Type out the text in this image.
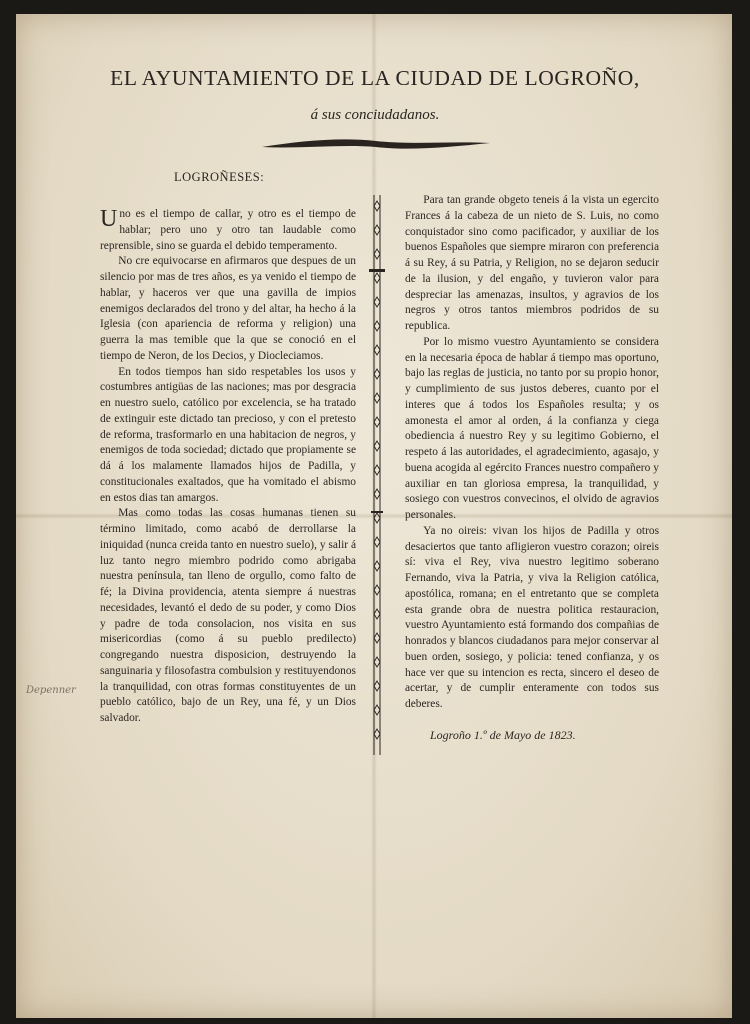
EL AYUNTAMIENTO DE LA CIUDAD DE LOGROÑO,
á sus conciudadanos.
LOGROÑESES:

Uno es el tiempo de callar, y otro es el tiempo de hablar; pero uno y otro tan laudable como reprensible, sino se guarda el debido temperamento.

No cre equivocarse en afirmaros que despues de un silencio por mas de tres años, es ya venido el tiempo de hablar, y haceros ver que una gavilla de impios enemigos declarados del trono y del altar, ha hecho á la Iglesia (con apariencia de reforma y religion) una guerra la mas temible que la que se conoció en el tiempo de Neron, de los Decios, y Diocleciamos.

En todos tiempos han sido respetables los usos y costumbres antigüas de las naciones; mas por desgracia en nuestro suelo, católico por excelencia, se ha tratado de extinguir este dictado tan precioso, y con el pretesto de reforma, trasformarlo en una habitacion de negros, y enemigos de toda sociedad; dictado que propiamente se dá á los malamente llamados hijos de Padilla, y constitucionales exaltados, que ha vomitado el abismo en estos dias tan amargos.

Mas como todas las cosas humanas tienen su término limitado, como acabó de derrollarse la iniquidad (nunca creida tanto en nuestro suelo), y salir á luz tanto negro miembro podrido como abrigaba nuestra península, tan lleno de orgullo, como falto de fé; la Divina providencia, atenta siempre á nuestras necesidades, levantó el dedo de su poder, y como Dios y padre de toda consolacion, nos visita en sus misericordias (como á su pueblo predilecto) congregando nuestra disposicion, destruyendo la sanguinaria y filosofastra combulsion y restituyendonos la tranquilidad, con otras formas constituyentes de un pueblo católico, bajo de un Rey, una fé, y un Dios salvador.

Para tan grande obgeto teneis á la vista un egercito Frances á la cabeza de un nieto de S. Luis, no como conquistador sino como pacificador, y auxiliar de los buenos Españoles que siempre miraron con preferencia á su Rey, á su Patria, y Religion, no se dejaron seducir de la ilusion, y del engaño, y tuvieron valor para despreciar las amenazas, insultos, y agravios de los negros y otros tantos miembros podridos de su republica.

Por lo mismo vuestro Ayuntamiento se considera en la necesaria época de hablar á tiempo mas oportuno, bajo las reglas de justicia, no tanto por su propio honor, y cumplimiento de sus justos deberes, cuanto por el interes que á todos los Españoles resulta; y os amonesta el amor al orden, á la confianza y ciega obediencia á nuestro Rey y su legitimo Gobierno, el respeto á las autoridades, el agradecimiento, agasajo, y buena acogida al egército Frances nuestro compañero y auxiliar en tan gloriosa empresa, la tranquilidad, y sosiego con vuestros convecinos, el olvido de agravios personales.

Ya no oireis: vivan los hijos de Padilla y otros desaciertos que tanto afligieron vuestro corazon; oireis sí: viva el Rey, viva nuestro legitimo soberano Fernando, viva la Patria, y viva la Religion católica, apostólica, romana; en el entretanto que se completa esta grande obra de nuestra politica restauracion, vuestro Ayuntamiento está formando dos compañias de honrados y blancos ciudadanos para mejor conservar al buen orden, sosiego, y policia: tened confianza, y os hace ver que su intencion es recta, sincero el deseo de acertar, y de cumplir enteramente con todos sus deberes.

Logroño 1.º de Mayo de 1823.
Depenner
